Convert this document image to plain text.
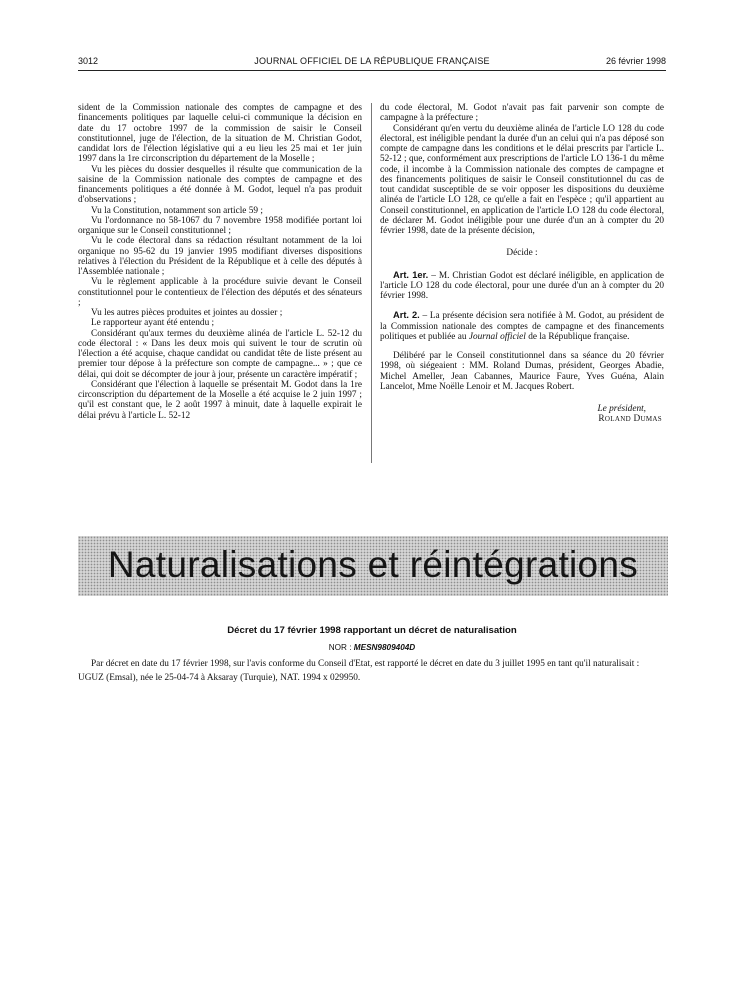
3012	JOURNAL OFFICIEL DE LA RÉPUBLIQUE FRANÇAISE	26 février 1998

sident de la Commission nationale des comptes de campagne et des financements politiques par laquelle celui-ci communique la décision en date du 17 octobre 1997 de la commission de saisir le Conseil constitutionnel, juge de l'élection, de la situation de M. Christian Godot, candidat lors de l'élection législative qui a eu lieu les 25 mai et 1er juin 1997 dans la 1re circonscription du département de la Moselle ;

Vu les pièces du dossier desquelles il résulte que communication de la saisine de la Commission nationale des comptes de campagne et des financements politiques a été donnée à M. Godot, lequel n'a pas produit d'observations ;

Vu la Constitution, notamment son article 59 ;

Vu l'ordonnance no 58-1067 du 7 novembre 1958 modifiée portant loi organique sur le Conseil constitutionnel ;

Vu le code électoral dans sa rédaction résultant notamment de la loi organique no 95-62 du 19 janvier 1995 modifiant diverses dispositions relatives à l'élection du Président de la République et à celle des députés à l'Assemblée nationale ;

Vu le règlement applicable à la procédure suivie devant le Conseil constitutionnel pour le contentieux de l'élection des députés et des sénateurs ;

Vu les autres pièces produites et jointes au dossier ;

Le rapporteur ayant été entendu ;

Considérant qu'aux termes du deuxième alinéa de l'article L. 52-12 du code électoral : « Dans les deux mois qui suivent le tour de scrutin où l'élection a été acquise, chaque candidat ou candidat tête de liste présent au premier tour dépose à la préfecture son compte de campagne... » ; que ce délai, qui doit se décompter de jour à jour, présente un caractère impératif ;

Considérant que l'élection à laquelle se présentait M. Godot dans la 1re circonscription du département de la Moselle a été acquise le 2 juin 1997 ; qu'il est constant que, le 2 août 1997 à minuit, date à laquelle expirait le délai prévu à l'article L. 52-12

du code électoral, M. Godot n'avait pas fait parvenir son compte de campagne à la préfecture ;

Considérant qu'en vertu du deuxième alinéa de l'article LO 128 du code électoral, est inéligible pendant la durée d'un an celui qui n'a pas déposé son compte de campagne dans les conditions et le délai prescrits par l'article L. 52-12 ; que, conformément aux prescriptions de l'article LO 136-1 du même code, il incombe à la Commission nationale des comptes de campagne et des financements politiques de saisir le Conseil constitutionnel du cas de tout candidat susceptible de se voir opposer les dispositions du deuxième alinéa de l'article LO 128, ce qu'elle a fait en l'espèce ; qu'il appartient au Conseil constitutionnel, en application de l'article LO 128 du code électoral, de déclarer M. Godot inéligible pour une durée d'un an à compter du 20 février 1998, date de la présente décision,

Décide :

Art. 1er. – M. Christian Godot est déclaré inéligible, en application de l'article LO 128 du code électoral, pour une durée d'un an à compter du 20 février 1998.

Art. 2. – La présente décision sera notifiée à M. Godot, au président de la Commission nationale des comptes de campagne et des financements politiques et publiée au Journal officiel de la République française.

Délibéré par le Conseil constitutionnel dans sa séance du 20 février 1998, où siégeaient : MM. Roland Dumas, président, Georges Abadie, Michel Ameller, Jean Cabannes, Maurice Faure, Yves Guéna, Alain Lancelot, Mme Noëlle Lenoir et M. Jacques Robert.

Le président,

Roland Dumas

Naturalisations et réintégrations
Décret du 17 février 1998 rapportant un décret de naturalisation
NOR : MESN9809404D

Par décret en date du 17 février 1998, sur l'avis conforme du Conseil d'Etat, est rapporté le décret en date du 3 juillet 1995 en tant qu'il naturalisait :

UGUZ (Emsal), née le 25-04-74 à Aksaray (Turquie), NAT. 1994 x 029950.
